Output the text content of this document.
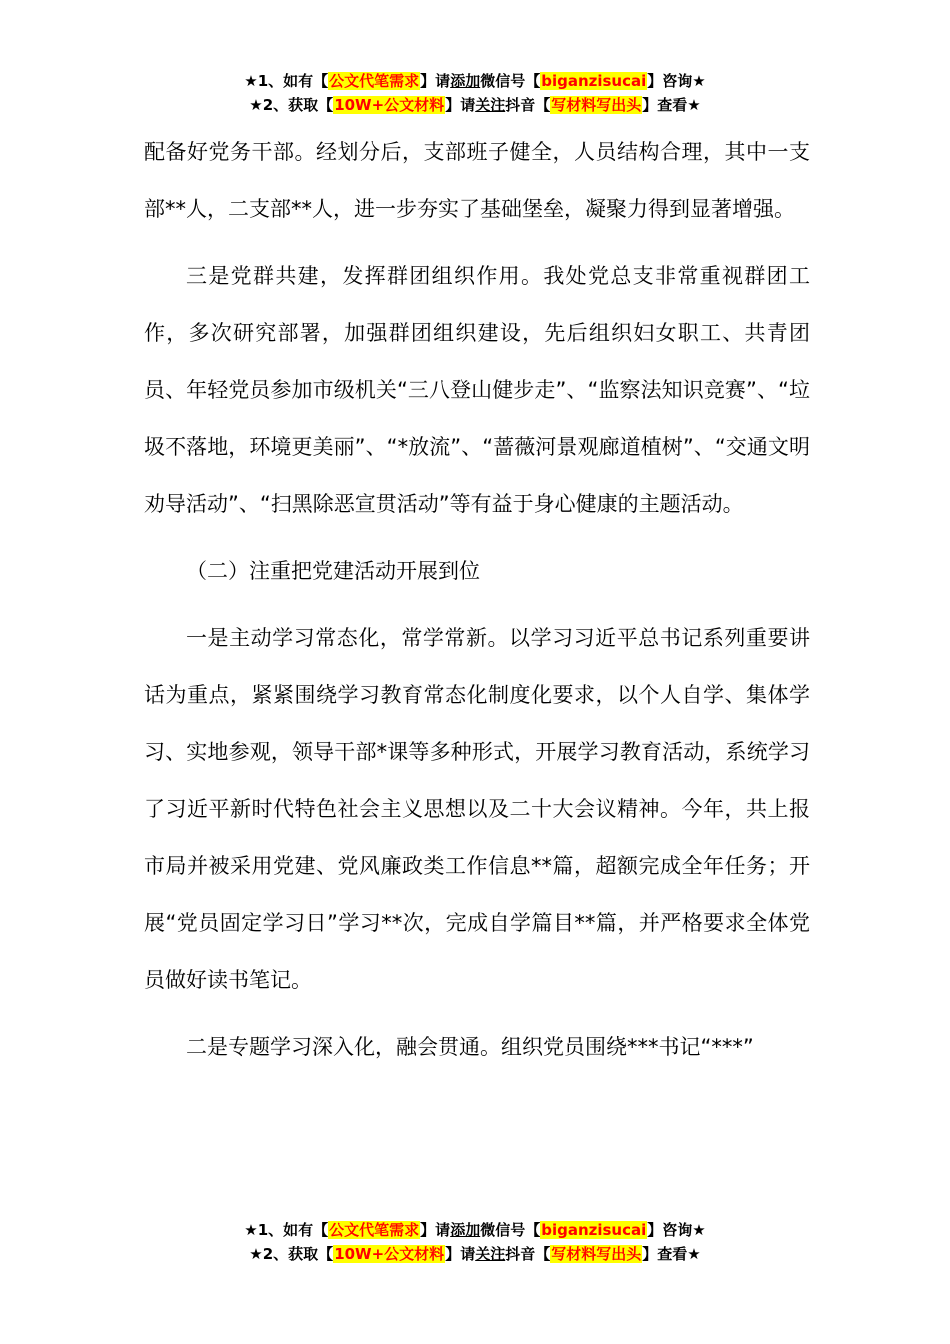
★1、如有【公文代笔需求】请添加微信号【biganzisucai】咨询★
★2、获取【10W+公文材料】请关注抖音【写材料写出头】查看★

配备好党务干部。经划分后，支部班子健全，人员结构合理，其中一支部**人，二支部**人，进一步夯实了基础堡垒，凝聚力得到显著增强。

三是党群共建，发挥群团组织作用。我处党总支非常重视群团工作，多次研究部署，加强群团组织建设，先后组织妇女职工、共青团员、年轻党员参加市级机关“三八登山健步走”、“监察法知识竞赛”、“垃圾不落地，环境更美丽”、“*放流”、“蔷薇河景观廊道植树”、“交通文明劝导活动”、“扫黑除恶宣贯活动”等有益于身心健康的主题活动。

（二）注重把党建活动开展到位

一是主动学习常态化，常学常新。以学习习近平总书记系列重要讲话为重点，紧紧围绕学习教育常态化制度化要求，以个人自学、集体学习、实地参观，领导干部*课等多种形式，开展学习教育活动，系统学习了习近平新时代特色社会主义思想以及二十大会议精神。今年，共上报市局并被采用党建、党风廉政类工作信息**篇，超额完成全年任务；开展“党员固定学习日”学习**次，完成自学篇目**篇，并严格要求全体党员做好读书笔记。

二是专题学习深入化，融会贯通。组织党员围绕***书记“***”

★1、如有【公文代笔需求】请添加微信号【biganzisucai】咨询★
★2、获取【10W+公文材料】请关注抖音【写材料写出头】查看★
